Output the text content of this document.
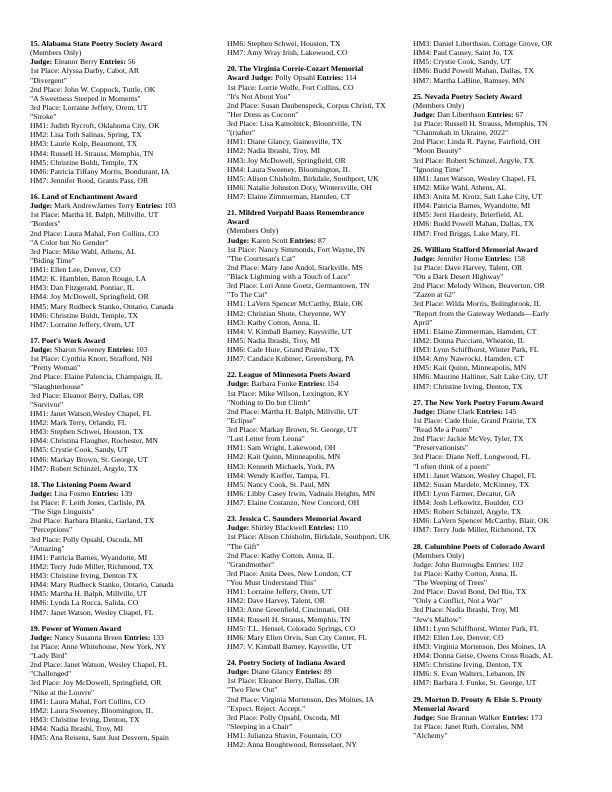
15. Alabama State Poetry Society Award
(Members Only)
Judge: Eleanor Berry Entries: 56
1st Place: Alyssa Darby, Cabot, AR
"Divergent"
2nd Place: John W. Coppock, Tuttle, OK
"A Sweetness Steeped in Moments"
3rd Place: Lorraine Jeffery, Orem, UT
"Stroke"
HM1: Judith Rycroft, Oklahoma City, OK
HM2: Lisa Toth Salinas, Spring, TX
HM3: Laurie Kolp, Beaumont, TX
HM4: Russell H. Strauss, Memphis, TN
HM5: Christine Boldt, Temple, TX
HM6: Patricia Tiffany Morris, Bondurant, IA
HM7: Jennifer Rood, Grants Pass, OR
16. Land of Enchantment Award
Judge: Mark AndrewJames Terry Entries: 103
1st Place: Martha H. Balph, Millville, UT
"Borders"
2nd Place: Laura Mahal, Fort Collins, CO
"A Color but No Gender"
3rd Place: Mike Wahl, Athens, AL
"Biding Time"
HM1: Ellen Lee, Denver, CO
HM2: K. Hamblen, Baton Rouge, LA
HM3: Dan Fitzgerald, Pontiac, IL
HM4: Joy McDowell, Springfield, OR
HM5: Mary Rudbeck Stanko, Ontario, Canada
HM6: Christine Boldt, Temple, TX
HM7: Lorraine Jeffery, Orem, UT
17. Poet's Work Award
Judge: Sharon Sweeney Entries: 103
1st Place: Cynthia Knorr, Strafford, NH
"Pretty Woman"
2nd Place: Elaine Palencia, Champaign, IL
"Slaughterhouse"
3rd Place: Eleanor Berry, Dallas, OR
"Survivor"
HM1: Janet Watson,Wesley Chapel, FL
HM2: Mark Terry, Orlando, FL
HM3: Stephen Schwei, Houston, TX
HM4: Christina Flaugher, Rochester, MN
HM5: Crystie Cook, Sandy, UT
HM6: Markay Brown, St. George, UT
HM7: Robert Schinzel, Argyle, TX
18. The Listening Poem Award
Judge: Lisa Fosmo Entries: 139
1st Place: F. Leith Jones, Carlisle, PA
"The Sign Linguists"
2nd Place: Barbara Blanks, Garland, TX
"Perceptions"
3rd Place: Polly Opsahl, Oscoda, MI
"Amazing"
HM1: Patricia Barnes, Wyandotte, MI
HM2: Terry Jude Miller, Richmond, TX
HM3: Christine Irving, Denton TX
HM4: Mary Rudbeck Stanko, Ontario, Canada
HM5: Martha H. Balph, Millville, UT
HM6: Lynda La Rocca, Salida, CO
HM7: Janet Watson, Wesley Chapel, FL
19. Power of Women Award
Judge: Nancy Susanna Breen Entries: 133
1st Place: Anne Whitehouse, New York, NY
"Lady Bird"
2nd Place: Janet Watson, Wesley Chapel, FL
"Challenged"
3rd Place: Joy McDowell, Springfield, OR
"Nike at the Louvre"
HM1: Laura Mahal, Fort Collins, CO
HM2: Laura Sweeney, Bloomington, IL
HM3: Christine Irving, Denton, TX
HM4: Nadia Ibrashi, Troy, MI
HM5: Ana Reisens, Sant Just Desvern, Spain
HM6: Stephen Schwei, Houston, TX
HM7: Amy Wray Irish, Lakewood, CO
20. The Virginia Corrie-Cozart Memorial
Award Judge: Polly Opsahl Entries: 114
1st Place: Lorrie Wolfe, Fort Collins, CO
"It's Not About You"
2nd Place: Susan Daubenspeck, Corpus Christi, TX
"Her Dress as Cocoon"
3rd Place: Lisa Kamolnick, Blountville, TN
"(r)after"
HM1: Diane Glancy, Gainesville, TX
HM2: Nadia Ibrashi, Troy, MI
HM3: Joy McDowell, Springfield, OR
HM4: Laura Sweeney, Bloomington, IL
HM5: Alison Chisholm, Birkdale, Southport, UK
HM6: Natalie Johnston Doty, Wintersville, OH
HM7: Elaine Zimmerman, Hamden, CT
21. Mildred Vorpahl Baass Remembrance
Award
(Members Only)
Judge: Karen Scott Entries: 87
1st Place: Nancy Simmonds, Fort Wayne, IN
"The Courtesan's Cat"
2nd Place: Mary Jane Andol, Starkville, MS
"Black Lightning with a Touch of Lace"
3rd Place: Lori Anne Goetz, Germantown, TN
"To The Cat"
HM1: LaVern Spencer McCarthy, Blair, OK
HM2: Christian Shute, Cheyenne, WY
HM3: Kathy Cotton, Anna, IL
HM4: V. Kimball Barney, Kaysville, UT
HM5: Nadia Ibrashi, Troy, MI
HM6: Cade Huie, Grand Prairie, TX
HM7: Candace Kubinec, Greensburg, PA
22. League of Minnesota Poets Award
Judge: Barbara Funke Entries: 154
1st Place: Mike Wilson, Lexington, KY
"Nothing to Do but Climb"
2nd Place: Martha H. Balph, Millville, UT
"Eclipse"
3rd Place: Markay Brown, St. George, UT
"Last Letter from Leona"
HM1: Sam Wright, Lakewood, OH
HM2: Kait Quinn, Minneapolis, MN
HM3: Kenneth Michaels, York, PA
HM4: Wendy Kieffer, Tampa, FL
HM5: Nancy Cook, St. Paul, MN
HM6: Libby Casey Irwin, Vadnais Heights, MN
HM7: Elaine Costanzo, New Concord, OH
23. Jessica C. Saunders Memorial Award
Judge: Shirley Blackwell Entries: 110
1st Place: Alison Chisholm, Birkdale, Southport, UK
"The Gift"
2nd Place: Kathy Cotton, Anna, IL
"Grandmother"
3rd Place: Anita Dees, New London, CT
"You Must Understand This"
HM1: Lorraine Jeffery, Orem, UT
HM2: Dave Harvey, Talent, OR
HM3: Anne Greenfield, Cincinnati, OH
HM4: Russell H. Strauss, Memphis, TN
HM5: T.L. Hensel, Colorado Springs, CO
HM6: Mary Ellen Orvis, Sun City Center, FL
HM7: V. Kimball Barney, Kaysville, UT
24. Poetry Society of Indiana Award
Judge: Diane Glancy Entries: 89
1st Place: Eleanor Berry, Dallas, OR
"Two Flew Out"
2nd Place: Virginia Mortenson, Des Moines, IA
"Expect. Reject. Accept."
3rd Place: Polly Opsahl, Oscoda, MI
"Sleeping in a Chair"
HM1: Julianza Shavin, Fountain, CO
HM2: Anna Boughtwood, Rensselaer, NY
HM3: Daniel Liberthson, Cottage Grove, OR
HM4: Paul Causey, Saint Jo, TX
HM5: Crystie Cook, Sandy, UT
HM6: Budd Powell Mahan, Dallas, TX
HM7: Martha LaBine, Ramsey, MN
25. Nevada Poetry Society Award
(Members Only)
Judge: Dan Liberthson Entries: 67
1st Place: Russell H. Strauss, Memphis, TN
"Channukah in Ukraine, 2022"
2nd Place: Linda R. Payne, Fairfield, OH
"Moon Beauty"
3rd Place: Robert Schinzel, Argyle, TX
"Ignoring Time"
HM1: Janet Watson, Wesley Chapel, FL
HM2: Mike Wahl, Athens, AL
HM3: Anita M. Krotz, Salt Lake City, UT
HM4: Patricia Barnes, Wyandotte, MI
HM5: Jerri Hardesty, Brierfield, AL
HM6: Budd Powell Mahan, Dallas, TX
HM7: Fred Briggs, Lake Mary, FL
26. William Stafford Memorial Award
Judge: Jennifer Horne Entries: 158
1st Place: Dave Harvey, Talent, OR
"On a Dark Desert Highway"
2nd Place: Melody Wilson, Beaverton, OR
"Zazen at 62"
3rd Place: Wilda Morris, Bolingbrook, IL
"Report from the Gateway Wetlands—Early
April"
HM1: Elaine Zimmerman, Hamden, CT
HM2: Donna Pucciani, Wheaton, IL
HM3: Lynn Schiffhorst, Winter Park, FL
HM4: Amy Nawrocki, Hamden, CT
HM5: Kait Quinn, Minneapolis, MN
HM6: Maurine Haltiner, Salt Lake City, UT
HM7: Christine Irving, Denton, TX
27. The New York Poetry Forum Award
Judge: Diane Clark Entries: 145
1st Place: Cade Huie, Grand Prairie, TX
"Read Me a Poem"
2nd Place: Jackie McVey, Tyler, TX
"Preservationists"
3rd Place: Diane Neff, Longwood, FL
"I often think of a poem"
HM1: Janet Watson, Wesley Chapel, FL
HM2: Susan Mardele, McKinney, TX
HM3: Lynn Farmer, Decatur, GA
HM4: Josh Lefkowitz, Boulder, CO
HM5: Robert Schinzel, Argyle, TX
HM6: LaVern Spencer McCarthy, Blair, OK
HM7: Terry Jude Miller, Richmond, TX
28. Columbine Poets of Colorado Award
(Members Only)
Judge: John Burroughs Entries: 102
1st Place: Kathy Cotton, Anna, IL
"The Weeping of Trees"
2nd Place: David Bond, Del Rio, TX
"Only a Conflict, Not a War"
3rd Place: Nadia Ibrashi, Troy, MI
"Jew's Mallow"
HM1: Lynn Schiffhorst, Winter Park, FL
HM2: Ellen Lee, Denver, CO
HM3: Virginia Mortenson, Des Moines, IA
HM4: Donna Geise, Owens Cross Roads, AL
HM5: Christine Irving, Denton, TX
HM6: S. Evan Walters, Lebanon, IN
HM7: Barbara J. Funke, St. George, UT
29. Morton D. Prouty & Elsie S. Prouty
Memorial Award
Judge: Sue Brannan Walker Entries: 173
1st Place: Janet Ruth, Corrales, NM
"Alchemy"
